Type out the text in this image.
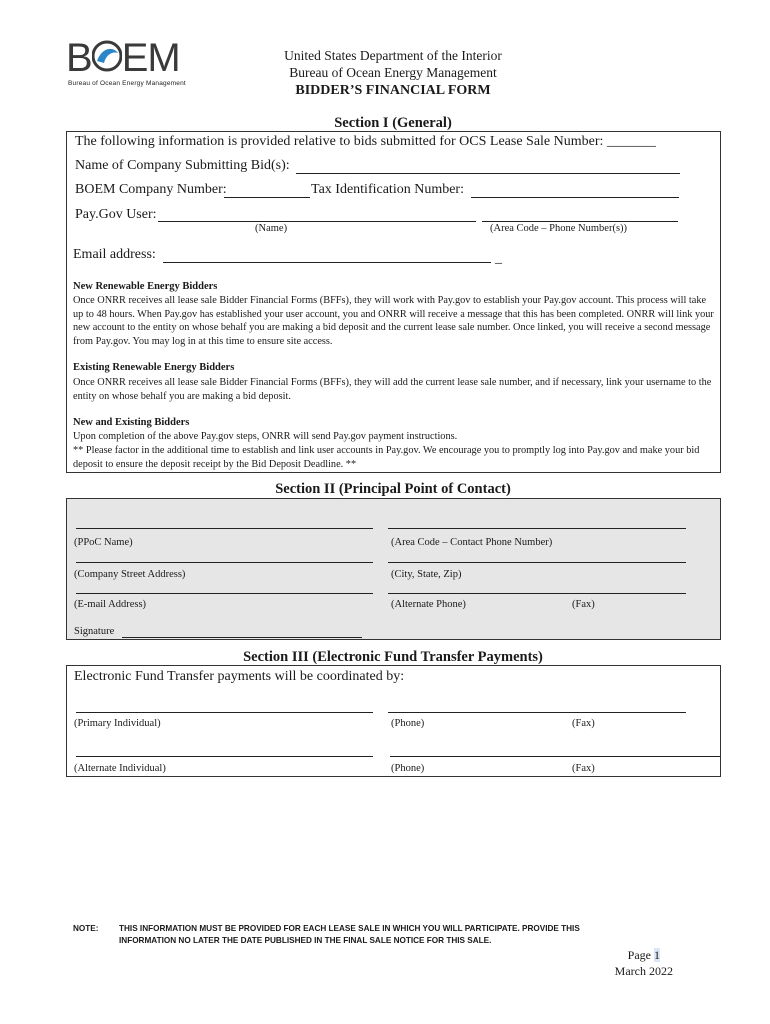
B EM
Bureau of Ocean Energy Management
United States Department of the Interior
Bureau of Ocean Energy Management
BIDDER’S FINANCIAL FORM
Section I (General)
The following information is provided relative to bids submitted for OCS Lease Sale Number: _______
Name of Company Submitting Bid(s):
BOEM Company Number:	Tax Identification Number:
Pay.Gov User:
(Name)	(Area Code – Phone Number(s))
Email address:	_
New Renewable Energy Bidders
Once ONRR receives all lease sale Bidder Financial Forms (BFFs), they will work with Pay.gov to establish your Pay.gov account. This process will take up to 48 hours. When Pay.gov has established your user account, you and ONRR will receive a message that this has been completed. ONRR will link your new account to the entity on whose behalf you are making a bid deposit and the current lease sale number. Once linked, you will receive a second message from Pay.gov. You may log in at this time to ensure site access.
Existing Renewable Energy Bidders
Once ONRR receives all lease sale Bidder Financial Forms (BFFs), they will add the current lease sale number, and if necessary, link your username to the entity on whose behalf you are making a bid deposit.
New and Existing Bidders
Upon completion of the above Pay.gov steps, ONRR will send Pay.gov payment instructions.
** Please factor in the additional time to establish and link user accounts in Pay.gov. We encourage you to promptly log into Pay.gov and make your bid deposit to ensure the deposit receipt by the Bid Deposit Deadline. **
Section II (Principal Point of Contact)
(PPoC Name)	(Area Code – Contact Phone Number)
(Company Street Address)	(City, State, Zip)
(E-mail Address)	(Alternate Phone)	(Fax)
Signature
Section III (Electronic Fund Transfer Payments)
Electronic Fund Transfer payments will be coordinated by:
(Primary Individual)	(Phone)	(Fax)
(Alternate Individual)	(Phone)	(Fax)
NOTE:	THIS INFORMATION MUST BE PROVIDED FOR EACH LEASE SALE IN WHICH YOU WILL PARTICIPATE. PROVIDE THIS
INFORMATION NO LATER THE DATE PUBLISHED IN THE FINAL SALE NOTICE FOR THIS SALE.
Page 1
March 2022
